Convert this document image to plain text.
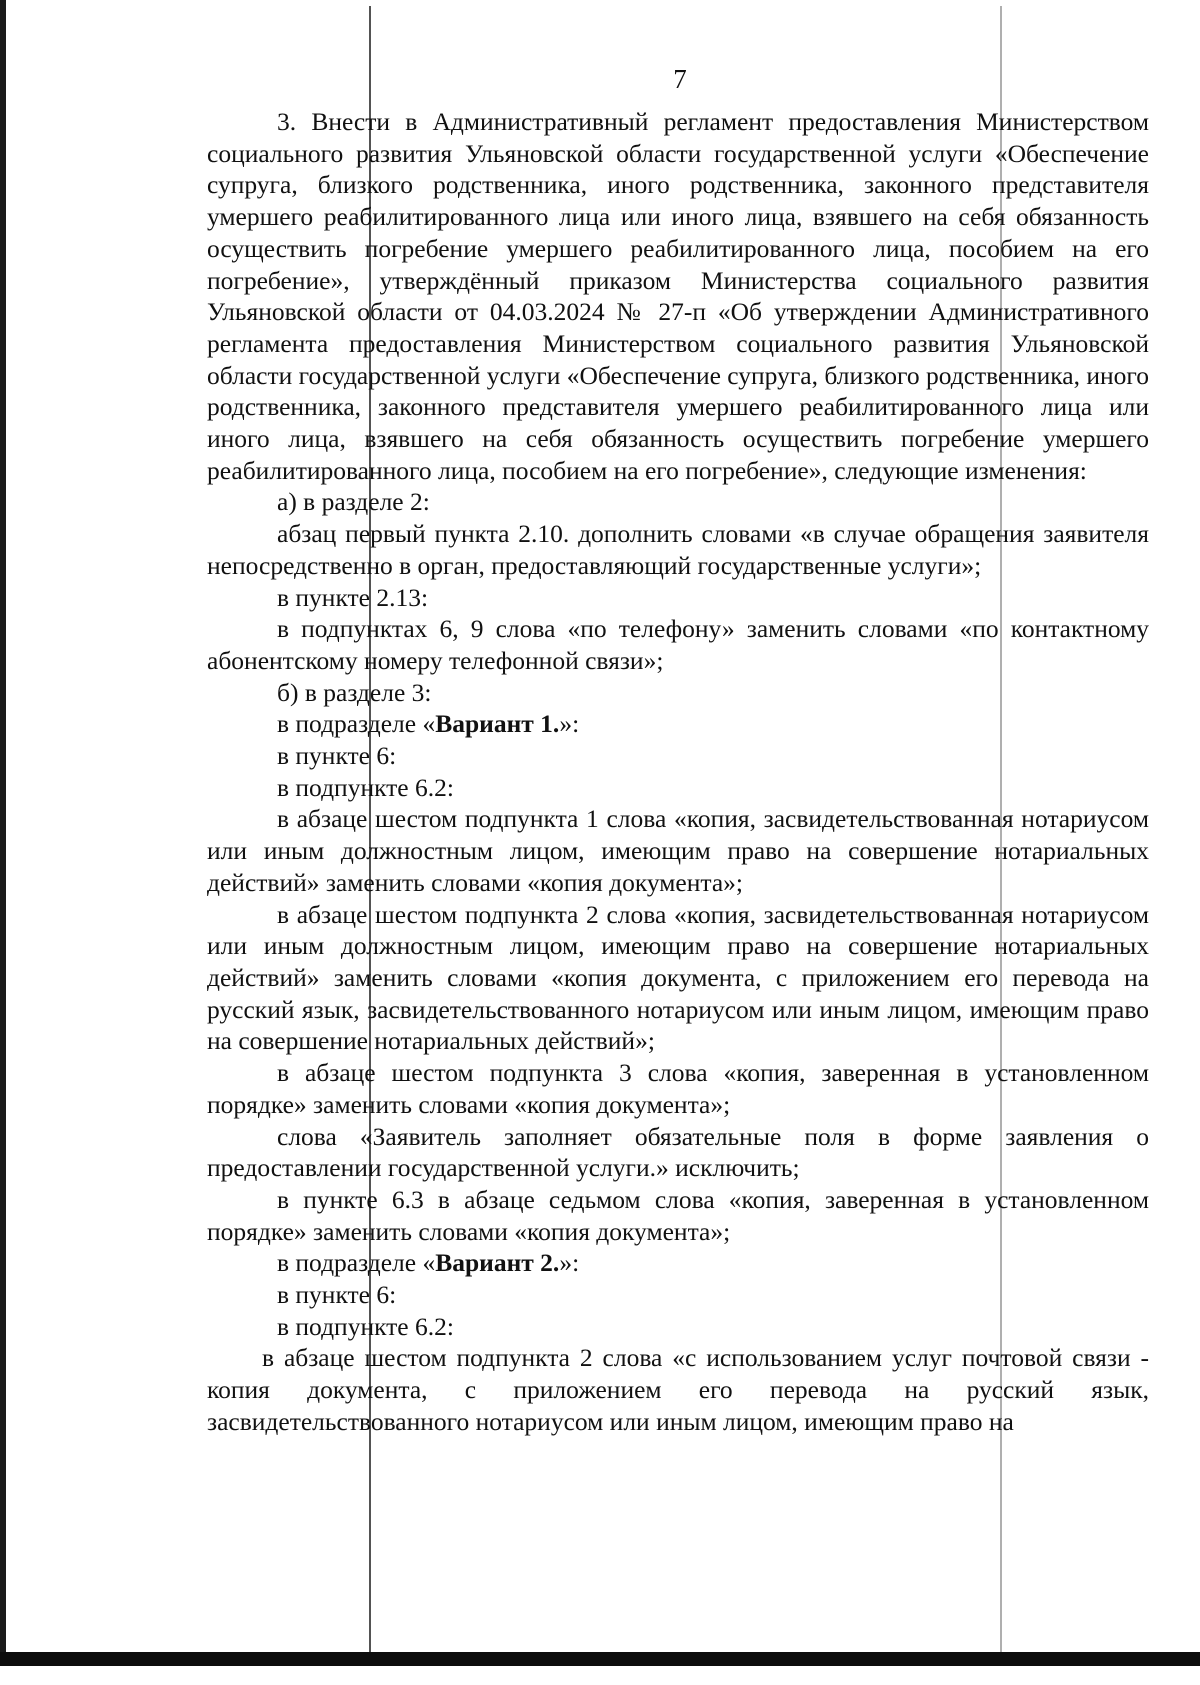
7

3. Внести в Административный регламент предоставления Министерством социального развития Ульяновской области государственной услуги «Обеспечение супруга, близкого родственника, иного родственника, законного представителя умершего реабилитированного лица или иного лица, взявшего на себя обязанность осуществить погребение умершего реабилитированного лица, пособием на его погребение», утверждённый приказом Министерства социального развития Ульяновской области от 04.03.2024 № 27-п «Об утверждении Административного регламента предоставления Министерством социального развития Ульяновской области государственной услуги «Обеспечение супруга, близкого родственника, иного родственника, законного представителя умершего реабилитированного лица или иного лица, взявшего на себя обязанность осуществить погребение умершего реабилитированного лица, пособием на его погребение», следующие изменения:

а) в разделе 2:

абзац первый пункта 2.10. дополнить словами «в случае обращения заявителя непосредственно в орган, предоставляющий государственные услуги»;

в пункте 2.13:

в подпунктах 6, 9 слова «по телефону» заменить словами «по контактному абонентскому номеру телефонной связи»;

б) в разделе 3:

в подразделе «Вариант 1.»:

в пункте 6:

в подпункте 6.2:

в абзаце шестом подпункта 1 слова «копия, засвидетельствованная нотариусом или иным должностным лицом, имеющим право на совершение нотариальных действий» заменить словами «копия документа»;

в абзаце шестом подпункта 2 слова «копия, засвидетельствованная нотариусом или иным должностным лицом, имеющим право на совершение нотариальных действий» заменить словами «копия документа, с приложением его перевода на русский язык, засвидетельствованного нотариусом или иным лицом, имеющим право на совершение нотариальных действий»;

в абзаце шестом подпункта 3 слова «копия, заверенная в установленном порядке» заменить словами «копия документа»;

слова «Заявитель заполняет обязательные поля в форме заявления о предоставлении государственной услуги.» исключить;

в пункте 6.3 в абзаце седьмом слова «копия, заверенная в установленном порядке» заменить словами «копия документа»;

в подразделе «Вариант 2.»:

в пункте 6:

в подпункте 6.2:

в абзаце шестом подпункта 2 слова «с использованием услуг почтовой связи - копия документа, с приложением его перевода на русский язык, засвидетельствованного нотариусом или иным лицом, имеющим право на
